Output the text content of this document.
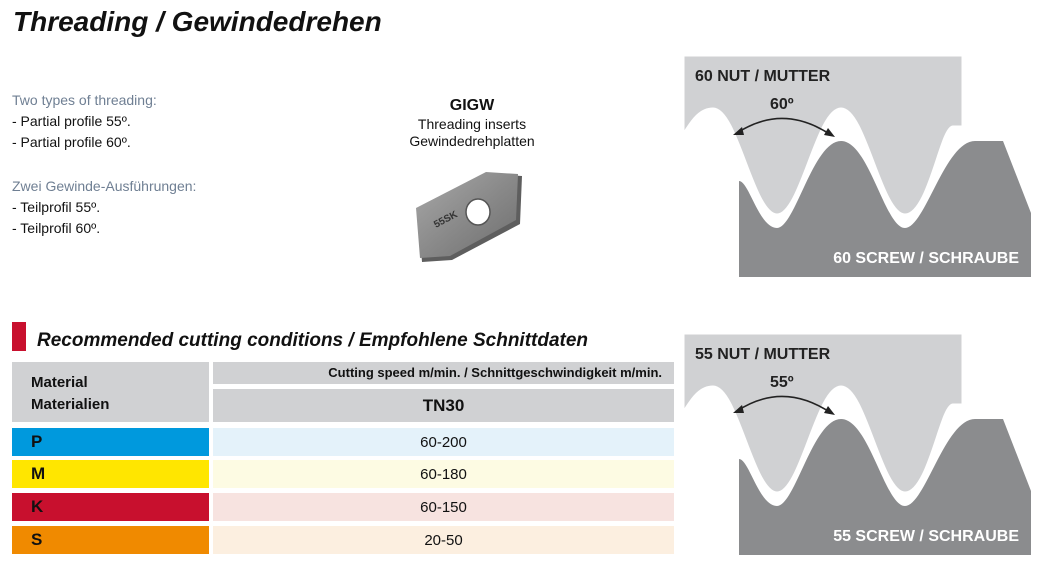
Threading / Gewindedrehen
Two types of threading:
- Partial profile 55º.
- Partial profile 60º.
Zwei Gewinde-Ausführungen:
- Teilprofil 55º.
- Teilprofil 60º.
GIGW
Threading inserts
Gewindedrehplatten
55SK
Recommended cutting conditions / Empfohlene Schnittdaten
Material
Materialien
Cutting speed m/min. / Schnittgeschwindigkeit m/min.
TN30
P	60-200
M	60-180
K	60-150
S	20-50
60 NUT / MUTTER
60º
60 SCREW / SCHRAUBE
55 NUT / MUTTER
55º
55 SCREW / SCHRAUBE
